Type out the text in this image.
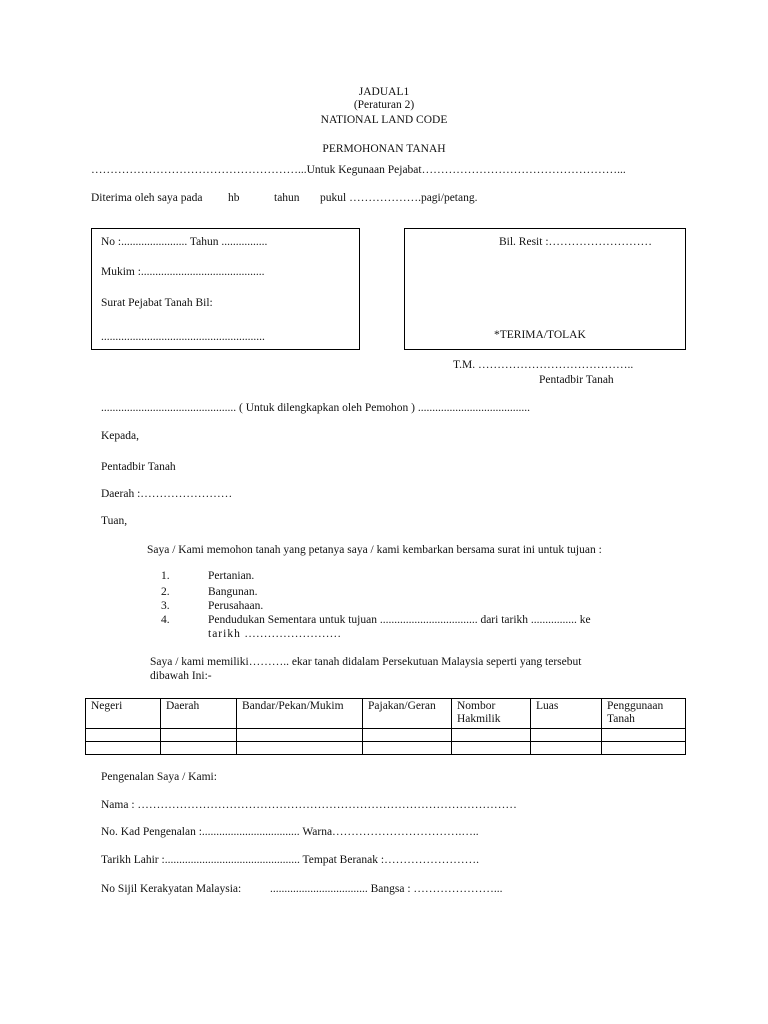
JADUAL1
(Peraturan 2)
NATIONAL LAND CODE
PERMOHONAN TANAH
………………………………………………...Untuk Kegunaan Pejabat……………………………………………...
Diterima oleh saya pada hb	tahun pukul ……………….pagi/petang.
No :....................... Tahun ................
Mukim :...........................................
Surat Pejabat Tanah Bil:
.........................................................
Bil. Resit :………………………
*TERIMA/TOLAK
T.M. …………………………………..
Pentadbir Tanah
............................................... ( Untuk dilengkapkan oleh Pemohon ) .......................................
Kepada,
Pentadbir Tanah
Daerah :……………………
Tuan,
Saya / Kami memohon tanah yang petanya saya / kami kembarkan bersama surat ini untuk tujuan :
1.	Pertanian.
2.	Bangunan.
3.	Perusahaan.
4.	Pendudukan Sementara untuk tujuan .................................. dari tarikh ................ ke
tarikh .........................
Saya / kami memiliki……….. ekar tanah didalam Persekutuan Malaysia seperti yang tersebut
dibawah Ini:-
Negeri	Daerah	Bandar/Pekan/Mukim	Pajakan/Geran	Nombor Hakmilik	Luas	Penggunaan Tanah

Pengenalan Saya / Kami:
Nama : ………………………………………………………………………………………
No. Kad Pengenalan :.................................. Warna…………………………….…..
Tarikh Lahir :............................................... Tempat Beranak :…………………….
No Sijil Kerakyatan Malaysia:	.................................. Bangsa : …………………...
